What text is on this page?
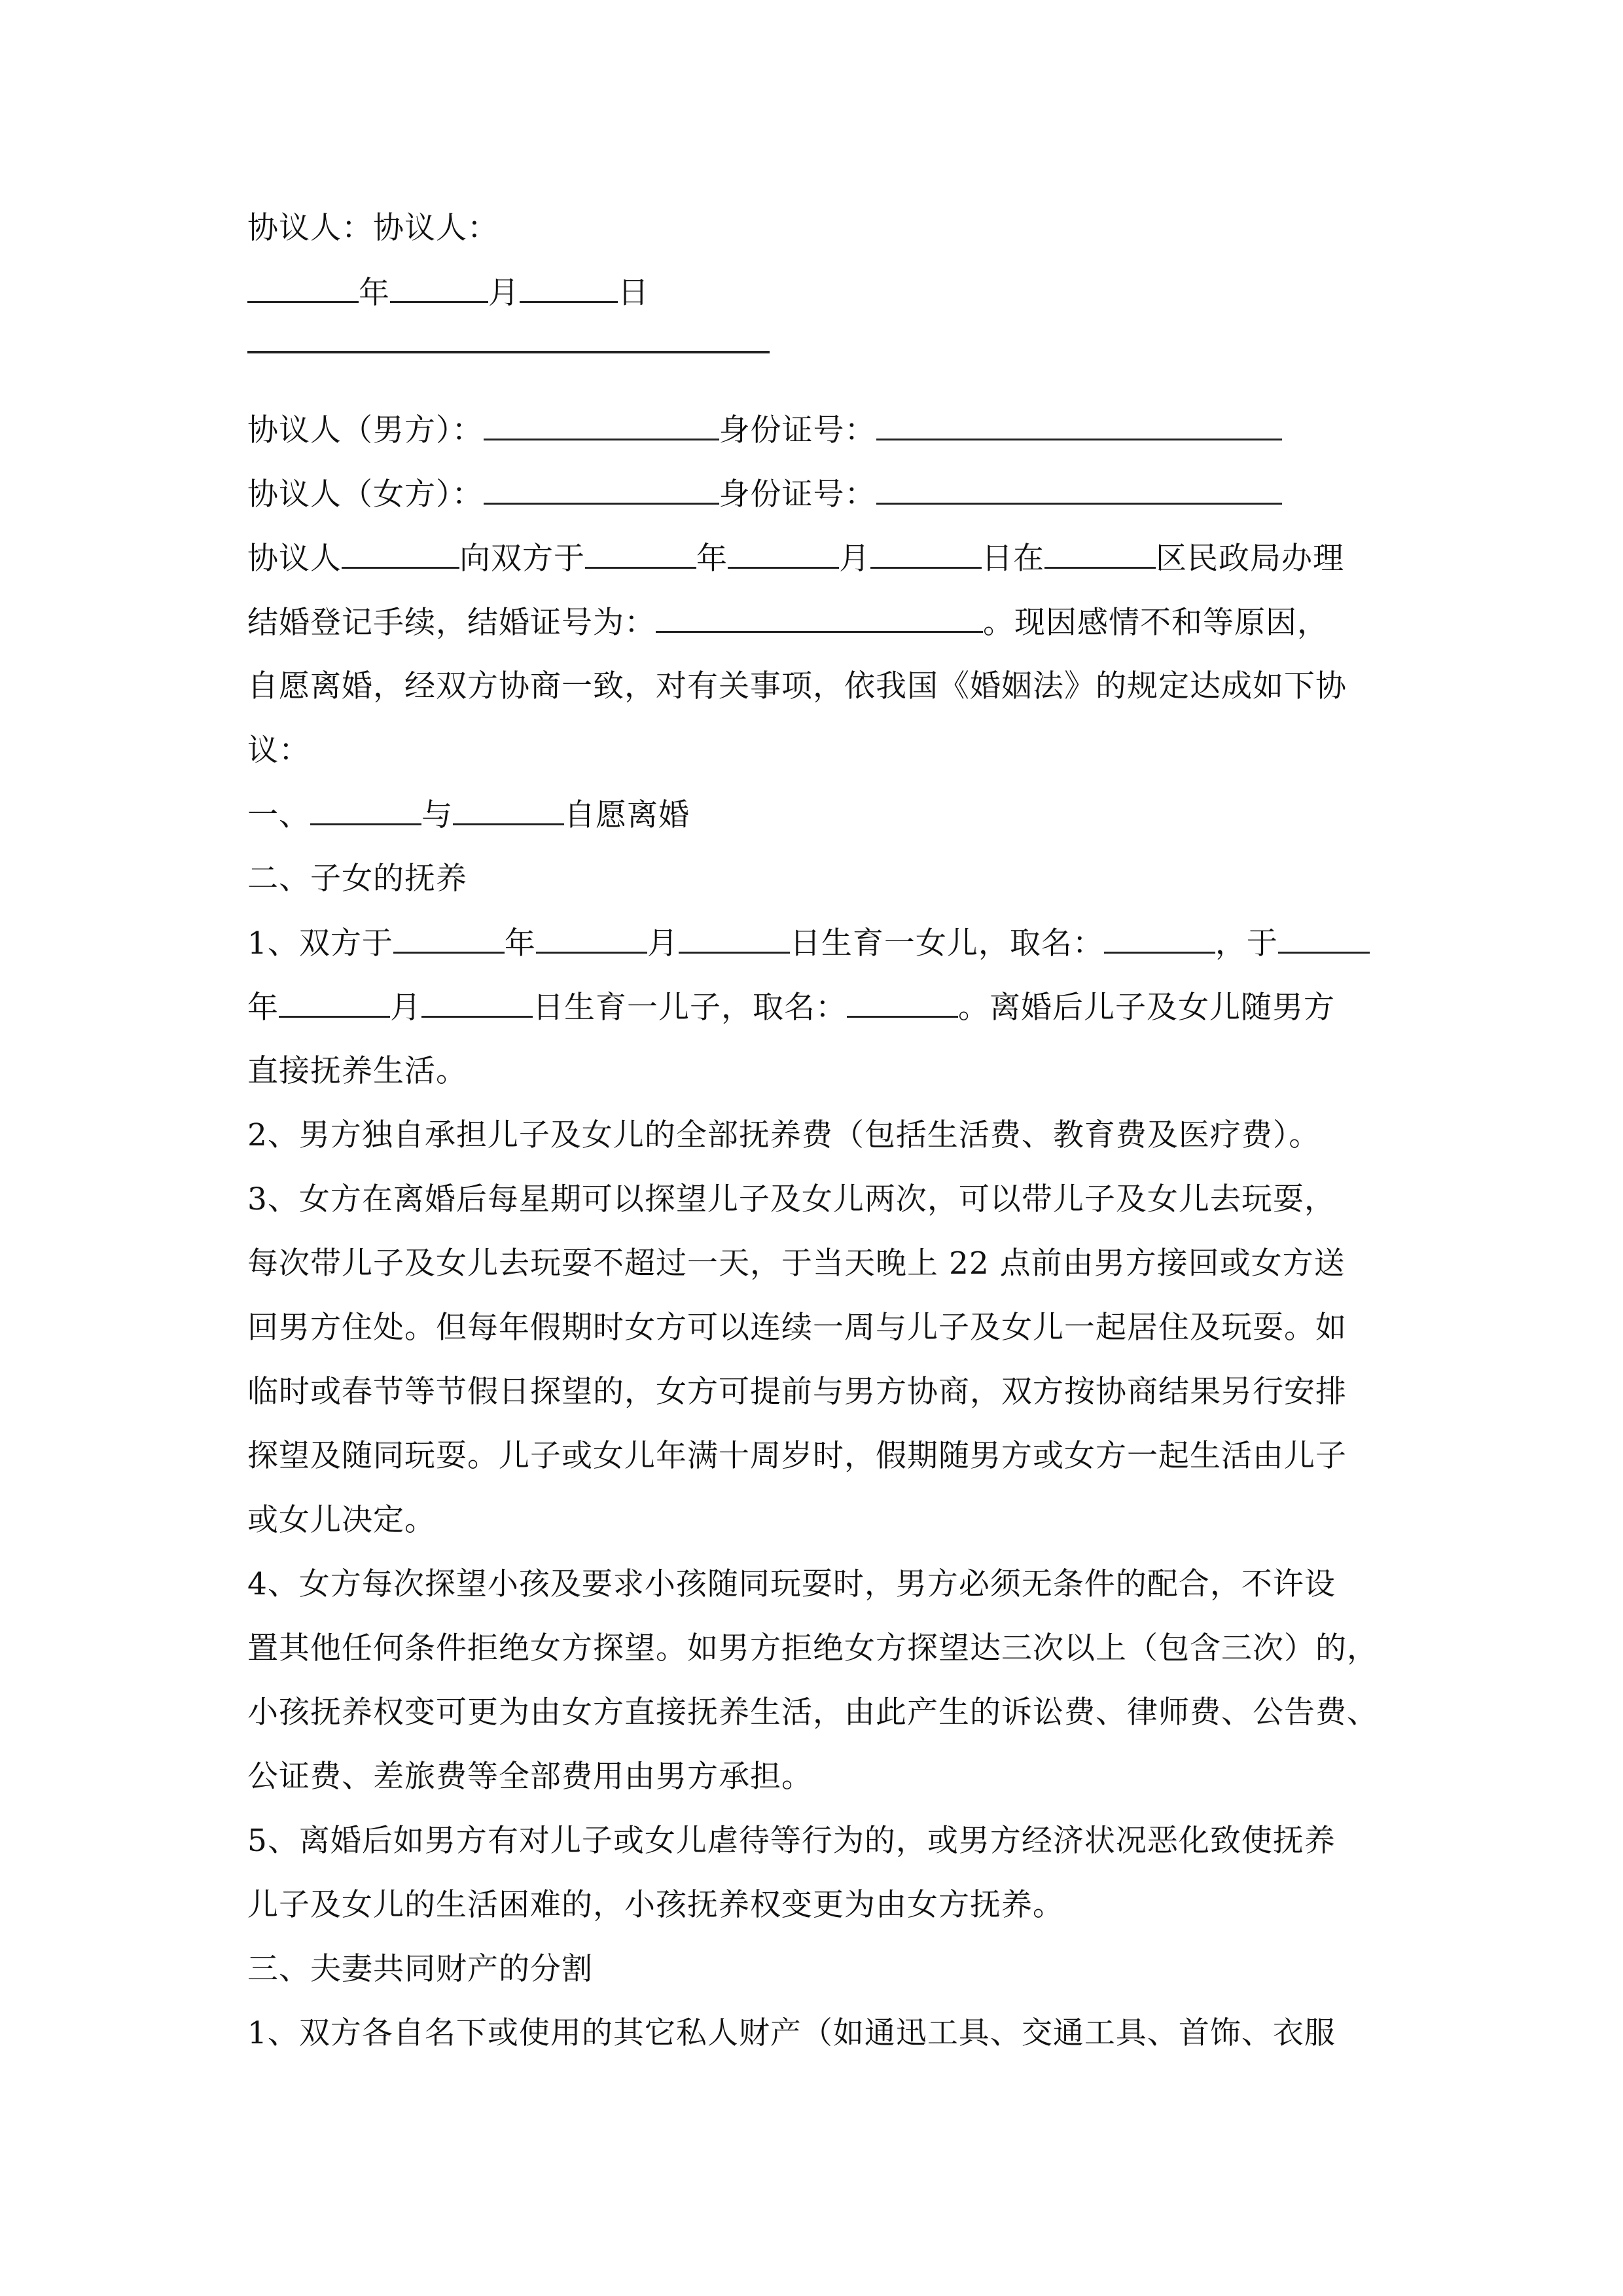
协议人：协议人：
年	月	日
协议人（男方）：	身份证号：
协议人（女方）：	身份证号：
协议人	向双方于	年	月	日在	区民政局办理
结婚登记手续，结婚证号为：	。现因感情不和等原因，
自愿离婚，经双方协商一致，对有关事项，依我国《婚姻法》的规定达成如下协
议：
一、	与	自愿离婚
二、子女的抚养
1、双方于	年	月	日生育一女儿，取名：	，于
年	月	日生育一儿子，取名：	。离婚后儿子及女儿随男方
直接抚养生活。
2、男方独自承担儿子及女儿的全部抚养费（包括生活费、教育费及医疗费）。
3、女方在离婚后每星期可以探望儿子及女儿两次，可以带儿子及女儿去玩耍，
每次带儿子及女儿去玩耍不超过一天，于当天晚上 22 点前由男方接回或女方送
回男方住处。但每年假期时女方可以连续一周与儿子及女儿一起居住及玩耍。如
临时或春节等节假日探望的，女方可提前与男方协商，双方按协商结果另行安排
探望及随同玩耍。儿子或女儿年满十周岁时，假期随男方或女方一起生活由儿子
或女儿决定。
4、女方每次探望小孩及要求小孩随同玩耍时，男方必须无条件的配合，不许设
置其他任何条件拒绝女方探望。如男方拒绝女方探望达三次以上（包含三次）的，
小孩抚养权变可更为由女方直接抚养生活，由此产生的诉讼费、律师费、公告费、
公证费、差旅费等全部费用由男方承担。
5、离婚后如男方有对儿子或女儿虐待等行为的，或男方经济状况恶化致使抚养
儿子及女儿的生活困难的，小孩抚养权变更为由女方抚养。
三、夫妻共同财产的分割
1、双方各自名下或使用的其它私人财产（如通迅工具、交通工具、首饰、衣服
